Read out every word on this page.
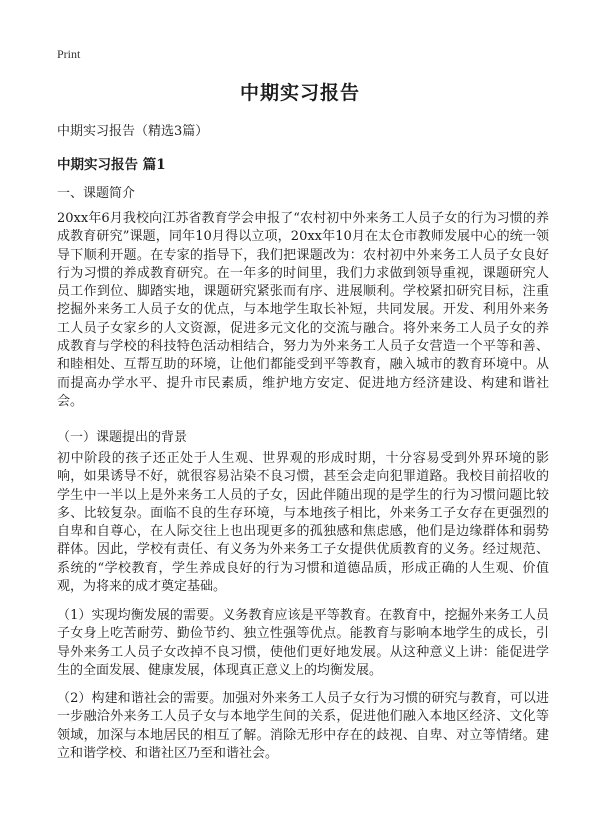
Print
中期实习报告
中期实习报告（精选3篇）
中期实习报告 篇1
一、课题简介

20xx年6月我校向江苏省教育学会申报了“农村初中外来务工人员子女的行为习惯的养成教育研究”课题，同年10月得以立项，20xx年10月在太仓市教师发展中心的统一领导下顺利开题。在专家的指导下，我们把课题改为：农村初中外来务工人员子女良好行为习惯的养成教育研究。在一年多的时间里，我们力求做到领导重视，课题研究人员工作到位、脚踏实地，课题研究紧张而有序、进展顺利。学校紧扣研究目标，注重挖掘外来务工人员子女的优点，与本地学生取长补短，共同发展。开发、利用外来务工人员子女家乡的人文资源，促进多元文化的交流与融合。将外来务工人员子女的养成教育与学校的科技特色活动相结合，努力为外来务工人员子女营造一个平等和善、和睦相处、互帮互助的环境，让他们都能受到平等教育，融入城市的教育环境中。从而提高办学水平、提升市民素质，维护地方安定、促进地方经济建设、构建和谐社会。

（一）课题提出的背景

初中阶段的孩子还正处于人生观、世界观的形成时期，十分容易受到外界环境的影响，如果诱导不好，就很容易沾染不良习惯，甚至会走向犯罪道路。我校目前招收的学生中一半以上是外来务工人员的子女，因此伴随出现的是学生的行为习惯问题比较多、比较复杂。面临不良的生存环境，与本地孩子相比，外来务工子女存在更强烈的自卑和自尊心，在人际交往上也出现更多的孤独感和焦虑感，他们是边缘群体和弱势群体。因此，学校有责任、有义务为外来务工子女提供优质教育的义务。经过规范、系统的“学校教育，学生养成良好的行为习惯和道德品质，形成正确的人生观、价值观，为将来的成才奠定基础。

（1）实现均衡发展的需要。义务教育应该是平等教育。在教育中，挖掘外来务工人员子女身上吃苦耐劳、勤俭节约、独立性强等优点。能教育与影响本地学生的成长，引导外来务工人员子女改掉不良习惯，使他们更好地发展。从这种意义上讲：能促进学生的全面发展、健康发展，体现真正意义上的均衡发展。

（2）构建和谐社会的需要。加强对外来务工人员子女行为习惯的研究与教育，可以进一步融洽外来务工人员子女与本地学生间的关系，促进他们融入本地区经济、文化等领域，加深与本地居民的相互了解。消除无形中存在的歧视、自卑、对立等情绪。建立和谐学校、和谐社区乃至和谐社会。
